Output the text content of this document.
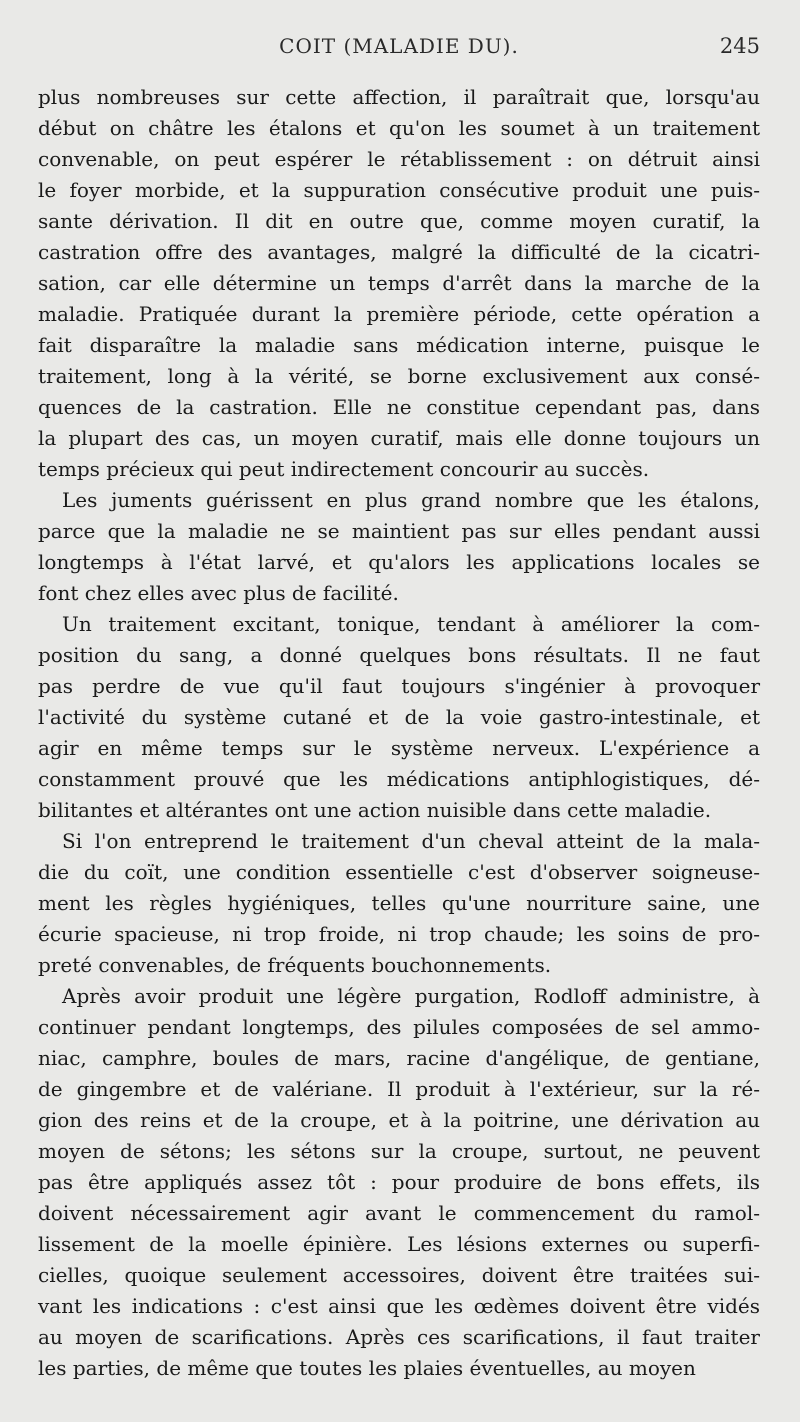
COIT (MALADIE DU).	245
plus nombreuses sur cette affection, il paraîtrait que, lorsqu'au
début on châtre les étalons et qu'on les soumet à un traitement
convenable, on peut espérer le rétablissement : on détruit ainsi
le foyer morbide, et la suppuration consécutive produit une puis-
sante dérivation. Il dit en outre que, comme moyen curatif, la
castration offre des avantages, malgré la difficulté de la cicatri-
sation, car elle détermine un temps d'arrêt dans la marche de la
maladie. Pratiquée durant la première période, cette opération a
fait disparaître la maladie sans médication interne, puisque le
traitement, long à la vérité, se borne exclusivement aux consé-
quences de la castration. Elle ne constitue cependant pas, dans
la plupart des cas, un moyen curatif, mais elle donne toujours un
temps précieux qui peut indirectement concourir au succès.
Les juments guérissent en plus grand nombre que les étalons,
parce que la maladie ne se maintient pas sur elles pendant aussi
longtemps à l'état larvé, et qu'alors les applications locales se
font chez elles avec plus de facilité.
Un traitement excitant, tonique, tendant à améliorer la com-
position du sang, a donné quelques bons résultats. Il ne faut
pas perdre de vue qu'il faut toujours s'ingénier à provoquer
l'activité du système cutané et de la voie gastro-intestinale, et
agir en même temps sur le système nerveux. L'expérience a
constamment prouvé que les médications antiphlogistiques, dé-
bilitantes et altérantes ont une action nuisible dans cette maladie.
Si l'on entreprend le traitement d'un cheval atteint de la mala-
die du coït, une condition essentielle c'est d'observer soigneuse-
ment les règles hygiéniques, telles qu'une nourriture saine, une
écurie spacieuse, ni trop froide, ni trop chaude; les soins de pro-
preté convenables, de fréquents bouchonnements.
Après avoir produit une légère purgation, Rodloff administre, à
continuer pendant longtemps, des pilules composées de sel ammo-
niac, camphre, boules de mars, racine d'angélique, de gentiane,
de gingembre et de valériane. Il produit à l'extérieur, sur la ré-
gion des reins et de la croupe, et à la poitrine, une dérivation au
moyen de sétons; les sétons sur la croupe, surtout, ne peuvent
pas être appliqués assez tôt : pour produire de bons effets, ils
doivent nécessairement agir avant le commencement du ramol-
lissement de la moelle épinière. Les lésions externes ou superfi-
cielles, quoique seulement accessoires, doivent être traitées sui-
vant les indications : c'est ainsi que les œdèmes doivent être vidés
au moyen de scarifications. Après ces scarifications, il faut traiter
les parties, de même que toutes les plaies éventuelles, au moyen
